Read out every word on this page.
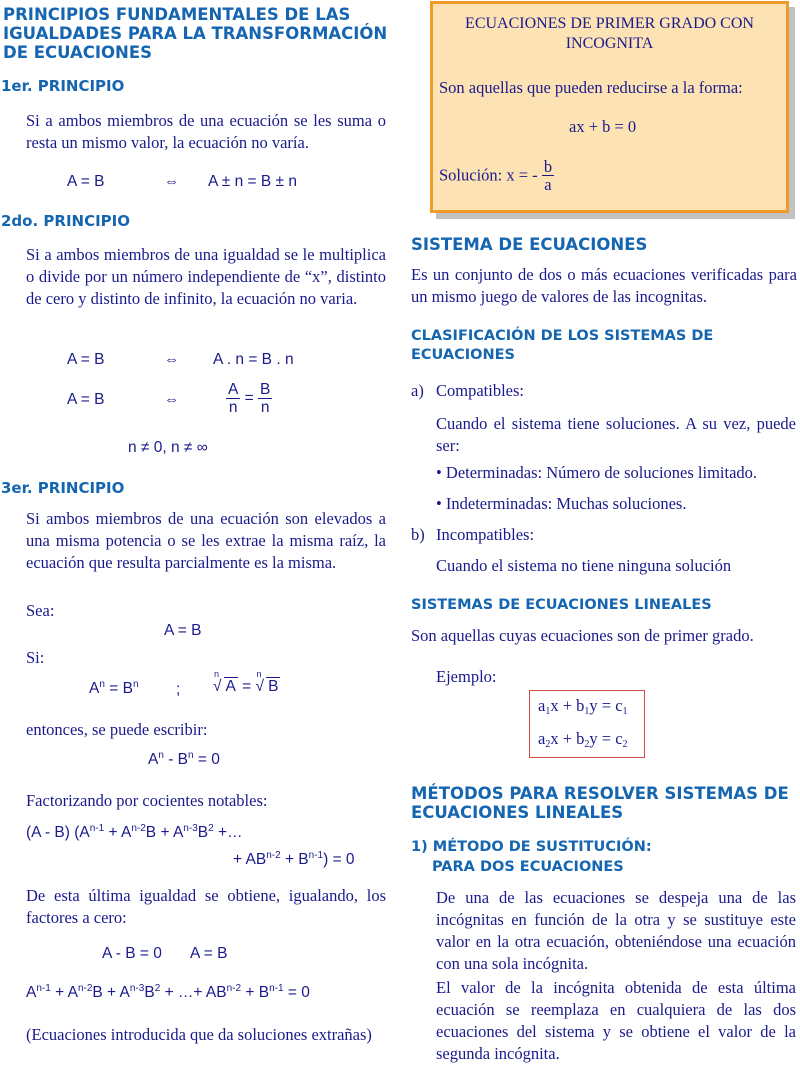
PRINCIPIOS FUNDAMENTALES DE LAS IGUALDADES PARA LA TRANSFORMACIÓN DE ECUACIONES
1er. PRINCIPIO
Si a ambos miembros de una ecuación se les suma o resta un mismo valor, la ecuación no varía.
A = B	⇔ A ± n = B ± n
2do. PRINCIPIO
Si a ambos miembros de una igualdad se le multiplica o divide por un número independiente de “x”, distinto de cero y distinto de infinito, la ecuación no varia.
A = B	⇔ A . n = B . n
A = B	⇔	$\frac{A}{n} = \frac{B}{n}$
n ≠ 0, n ≠ ∞
3er. PRINCIPIO
Si ambos miembros de una ecuación son elevados a una misma potencia o se les extrae la misma raíz, la ecuación que resulta parcialmente es la misma.
Sea:
A = B
Si:
$A^n = B^n$ ;
n
√ A =
n
√ B
entonces, se puede escribir:
$A^n - B^n = 0$
Factorizando por cocientes notables:
(A - B) ($A^{n-1} + A^{n-2}B + A^{n-3}B^2$ +…
+ $AB^{n-2} + B^{n-1}) = 0$
De esta última igualdad se obtiene, igualando, los factores a cero:
A - B = 0 A = B
$A^{n-1} + A^{n-2}B + A^{n-3}B^2$ + …+ $AB^{n-2} + B^{n-1} = 0$
(Ecuaciones introducida que da soluciones extrañas)
ECUACIONES DE PRIMER GRADO CON INCOGNITA
Son aquellas que pueden reducirse a la forma:
ax + b = 0
Solución: x = - $\frac{b}{a}$
SISTEMA DE ECUACIONES
Es un conjunto de dos o más ecuaciones verificadas para un mismo juego de valores de las incognitas.
CLASIFICACIÓN DE LOS SISTEMAS DE ECUACIONES
a) Compatibles:
Cuando el sistema tiene soluciones. A su vez, puede ser:
• Determinadas: Número de soluciones limitado.
• Indeterminadas: Muchas soluciones.
b) Incompatibles:
Cuando el sistema no tiene ninguna solución
SISTEMAS DE ECUACIONES LINEALES
Son aquellas cuyas ecuaciones son de primer grado.
Ejemplo:
$a_1x + b_1y = c_1$
$a_2x + b_2y = c_2$
MÉTODOS PARA RESOLVER SISTEMAS DE ECUACIONES LINEALES
1) MÉTODO DE SUSTITUCIÓN:
PARA DOS ECUACIONES
De una de las ecuaciones se despeja una de las incógnitas en función de la otra y se sustituye este valor en la otra ecuación, obteniéndose una ecuación con una sola incógnita.
El valor de la incógnita obtenida de esta última ecuación se reemplaza en cualquiera de las dos ecuaciones del sistema y se obtiene el valor de la segunda incógnita.
